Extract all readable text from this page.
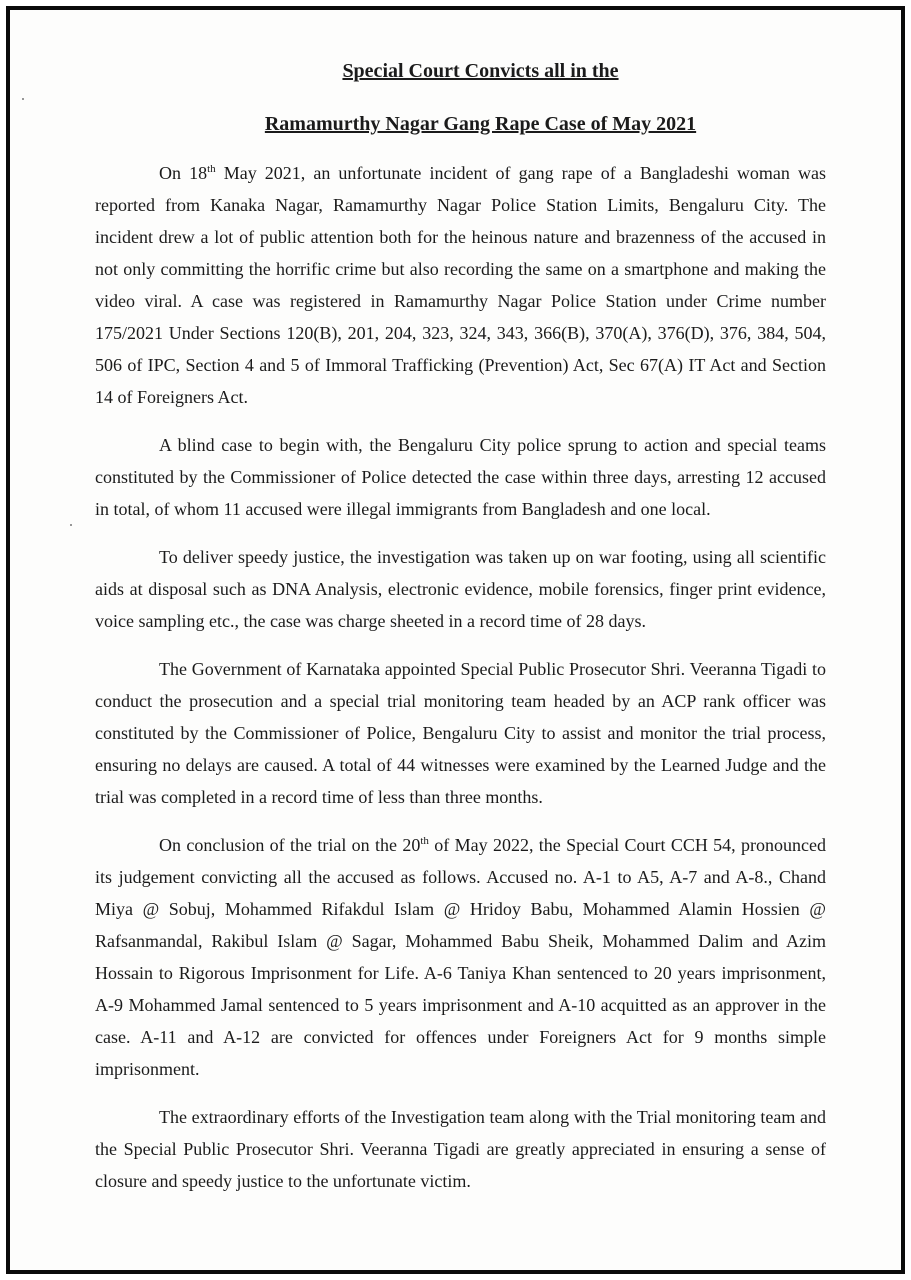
Special Court Convicts all in the
Ramamurthy Nagar Gang Rape Case of May 2021

On 18th May 2021, an unfortunate incident of gang rape of a Bangladeshi woman was reported from Kanaka Nagar, Ramamurthy Nagar Police Station Limits, Bengaluru City. The incident drew a lot of public attention both for the heinous nature and brazenness of the accused in not only committing the horrific crime but also recording the same on a smartphone and making the video viral. A case was registered in Ramamurthy Nagar Police Station under Crime number 175/2021 Under Sections 120(B), 201, 204, 323, 324, 343, 366(B), 370(A), 376(D), 376, 384, 504, 506 of IPC, Section 4 and 5 of Immoral Trafficking (Prevention) Act, Sec 67(A) IT Act and Section 14 of Foreigners Act.

A blind case to begin with, the Bengaluru City police sprung to action and special teams constituted by the Commissioner of Police detected the case within three days, arresting 12 accused in total, of whom 11 accused were illegal immigrants from Bangladesh and one local.

To deliver speedy justice, the investigation was taken up on war footing, using all scientific aids at disposal such as DNA Analysis, electronic evidence, mobile forensics, finger print evidence, voice sampling etc., the case was charge sheeted in a record time of 28 days.

The Government of Karnataka appointed Special Public Prosecutor Shri. Veeranna Tigadi to conduct the prosecution and a special trial monitoring team headed by an ACP rank officer was constituted by the Commissioner of Police, Bengaluru City to assist and monitor the trial process, ensuring no delays are caused. A total of 44 witnesses were examined by the Learned Judge and the trial was completed in a record time of less than three months.

On conclusion of the trial on the 20th of May 2022, the Special Court CCH 54, pronounced its judgement convicting all the accused as follows. Accused no. A-1 to A5, A-7 and A-8., Chand Miya @ Sobuj, Mohammed Rifakdul Islam @ Hridoy Babu, Mohammed Alamin Hossien @ Rafsanmandal, Rakibul Islam @ Sagar, Mohammed Babu Sheik, Mohammed Dalim and Azim Hossain to Rigorous Imprisonment for Life. A-6 Taniya Khan sentenced to 20 years imprisonment, A-9 Mohammed Jamal sentenced to 5 years imprisonment and A-10 acquitted as an approver in the case. A-11 and A-12 are convicted for offences under Foreigners Act for 9 months simple imprisonment.

The extraordinary efforts of the Investigation team along with the Trial monitoring team and the Special Public Prosecutor Shri. Veeranna Tigadi are greatly appreciated in ensuring a sense of closure and speedy justice to the unfortunate victim.
